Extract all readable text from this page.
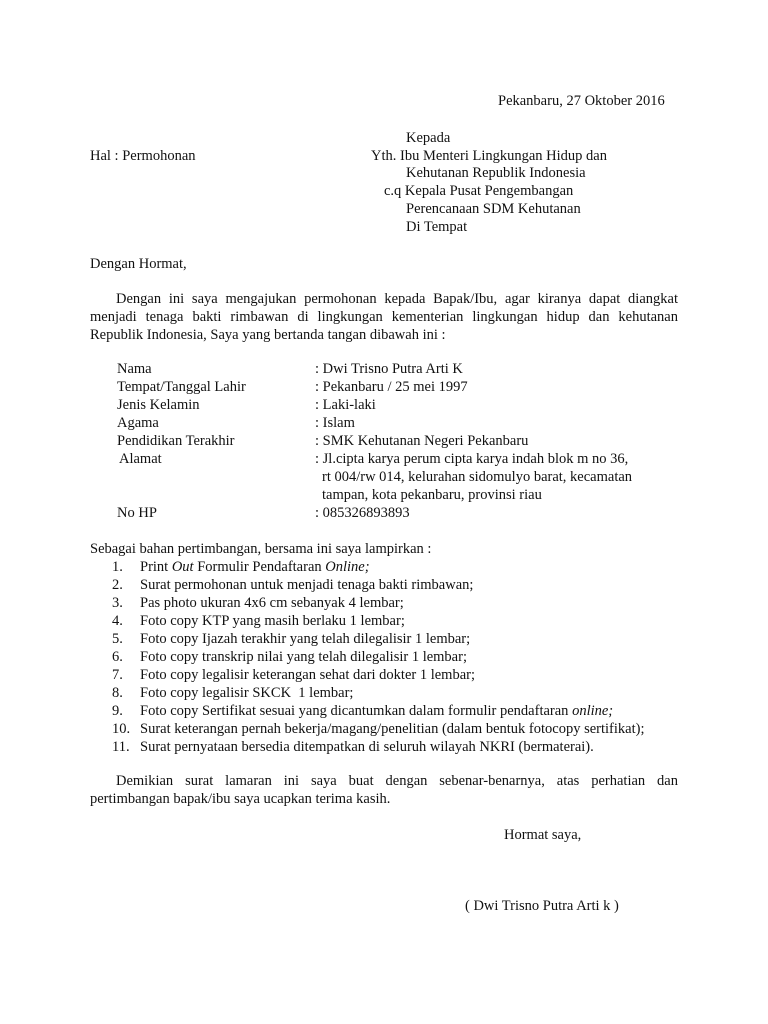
Pekanbaru, 27 Oktober 2016
Kepada
Hal : Permohonan	Yth. Ibu Menteri Lingkungan Hidup dan
Kehutanan Republik Indonesia
c.q Kepala Pusat Pengembangan
Perencanaan SDM Kehutanan
Di Tempat
Dengan Hormat,
Dengan ini saya mengajukan permohonan kepada Bapak/Ibu, agar kiranya dapat diangkat menjadi tenaga bakti rimbawan di lingkungan kementerian lingkungan hidup dan kehutanan Republik Indonesia, Saya yang bertanda tangan dibawah ini :
Nama	: Dwi Trisno Putra Arti K
Tempat/Tanggal Lahir	: Pekanbaru / 25 mei 1997
Jenis Kelamin	: Laki-laki
Agama	: Islam
Pendidikan Terakhir	: SMK Kehutanan Negeri Pekanbaru
Alamat	: Jl.cipta karya perum cipta karya indah blok m no 36,
rt 004/rw 014, kelurahan sidomulyo barat, kecamatan
tampan, kota pekanbaru, provinsi riau
No HP	: 085326893893
Sebagai bahan pertimbangan, bersama ini saya lampirkan :
1. Print Out Formulir Pendaftaran Online;
2. Surat permohonan untuk menjadi tenaga bakti rimbawan;
3. Pas photo ukuran 4x6 cm sebanyak 4 lembar;
4. Foto copy KTP yang masih berlaku 1 lembar;
5. Foto copy Ijazah terakhir yang telah dilegalisir 1 lembar;
6. Foto copy transkrip nilai yang telah dilegalisir 1 lembar;
7. Foto copy legalisir keterangan sehat dari dokter 1 lembar;
8. Foto copy legalisir SKCK  1 lembar;
9. Foto copy Sertifikat sesuai yang dicantumkan dalam formulir pendaftaran online;
10. Surat keterangan pernah bekerja/magang/penelitian (dalam bentuk fotocopy sertifikat);
11. Surat pernyataan bersedia ditempatkan di seluruh wilayah NKRI (bermaterai).
Demikian surat lamaran ini saya buat dengan sebenar-benarnya, atas perhatian dan pertimbangan bapak/ibu saya ucapkan terima kasih.
Hormat saya,
( Dwi Trisno Putra Arti k )
